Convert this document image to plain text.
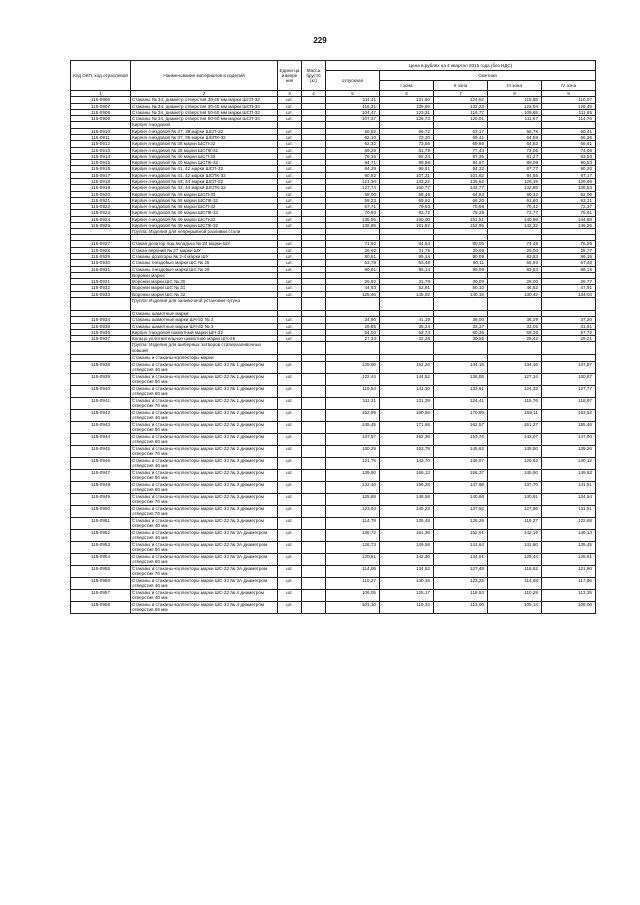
229
Код ОКП, ход отраслевой	Наименование материалов и изделий	Едини ца измере ния	Масса брутто (кг)	Цена в рублях на 4 квартал 2015 года (без НДС)				
				отпускная	Сметная			
					I зона	II зона	III зона	IV зона
1	2	3	4	5	6	7	8	9
115-0906	Стаканы № 34, диаметр отверстия 30-45 мм марки ШСП-32	шт.		111,41	131,50	124,52	115,85	110,07
115-0907	Стаканы № 34, диаметр отверстия 30-45 мм марки ШСП-34	шт.		118,31	139,65	132,23	123,04	126,45
115-0908	Стаканы № 34, диаметр отверстия 50-60 мм марки ШСП-32	шт.		104,47	123,31	116,77	108,65	111,65
115-0909	Стаканы № 34, диаметр отверстия 50-60 мм марки ШСП-34	шт.		107,37	126,73	120,01	111,67	114,76
	Кирпич гнездовой							
115-0910	Кирпич гнездовой № 37, 39 марки ШСП-32	шт.		56,52	66,72	63,17	58,78	60,41
115-0911	Кирпич гнездовой № 37, 39 марки ШСПК-32	шт.		62,10	73,30	69,41	64,59	66,36
115-0912	Кирпич гнездовой № 38 марки ШСП-32	шт.		62,32	73,56	69,66	64,82	66,61
115-0913	Кирпич гнездовой № 38 марки ШСПК-32	шт.		69,29	81,79	77,44	72,06	74,06
115-0914	Кирпич гнездовой № 40 марки ШСП-32	шт.		78,15	92,24	87,35	81,27	83,53
115-0915	Кирпич гнездовой № 40 марки ШСПК-32	шт.		84,71	99,98	94,67	88,09	90,53
115-0916	Кирпич гнездовой № 41, 42 марки ШСП-32	шт.		84,39	99,61	94,32	87,77	90,20
115-0917	Кирпич гнездовой № 41, 42 марки ШСПК-32	шт.		90,92	107,31	101,62	94,55	97,17
115-0918	Кирпич гнездовой № 43, 44 марки ШСП-32	шт.		121,34	143,22	135,62	126,19	129,69
115-0919	Кирпич гнездовой № 43, 44 марки ШСПК-32	шт.		127,74	150,77	142,77	132,85	136,53
115-0920	Кирпич гнездовой № 45 марки ШСП-32	шт.		58,00	68,46	64,83	60,32	62,00
115-0921	Кирпич гнездовой № 45 марки ШСПК-32	шт.		59,23	69,92	66,20	61,60	63,31
115-0922	Кирпич гнездовой № 46 марки ШСП-32	шт.		67,71	79,93	75,68	70,42	72,37
115-0923	Кирпич гнездовой № 46 марки ШСПК-32	шт.		70,93	83,72	79,28	73,77	75,81
115-0924	Кирпич гнездовой № 49 марки ШСП-32	шт.		135,55	160,00	151,51	140,98	144,88
115-0925	Кирпич гнездовой № 49 марки ШСПК-32	шт.		136,85	161,52	152,95	142,32	146,26
	Группа: Изделия для непрерывной разливки стали							

115-0927	Стакан дозатор под вкладыш № 24 марки ШУ	шт.		71,62	84,54	80,05	74,48	76,55
115-0928	Стакан верхний № 27 марки ШУ	шт.		26,92	31,78	30,09	28,00	28,77
115-0929	Стаканы дозаторы № 2-4 марки ШУ	шт.		80,61	95,14	90,09	83,83	86,15
115-0930	Стаканы гнездовые марки ШС № 25	шт.		53,78	63,48	60,11	55,93	57,48
115-0931	Стаканы гнездовые марки ШС № 29	шт.		80,61	95,14	90,09	83,83	86,15
	Воронки марки:							
115-0931	Воронки марки ШС № 30	шт.		26,92	31,78	30,09	28,00	28,77
115-0932	Воронки марки ШС № 31	шт.		44,83	52,91	50,10	46,62	47,91
115-0933	Воронки марки ШС № 32	шт.		125,46	145,02	140,19	130,42	134,03
	Группа: Изделия для заливочной установки чугуна							
	Стаканы шамотные марки:							
115-0934	Стаканы шамотные марки ШЧ-32 № 2	шт.		34,90	41,19	39,00	36,29	37,30
115-0935	Стаканы шамотные марки ШЧ-32 № 3	шт.		29,85	35,24	33,37	31,05	31,91
115-0936	Кирпич гнездовой шамотный марки ШЧ-32	шт.		54,00	63,74	60,36	56,16	57,72
115-0937	Кольцо уплотнительное шамотное марки ШЧ-28	шт.		27,33	32,26	30,55	28,42	29,21
	Группа: Изделия для шиберных затворов сталеразливочных ковшей							
	Стаканы и стаканы-коллекторы марки							
115-0938	Стаканы и стаканы-коллекторы марки ШС-32 № 1 диаметром отверстия 40 мм	шт.		129,00	152,26	144,18	134,16	137,87
115-0939	Стаканы и стаканы-коллекторы марки ШС-32 № 1 диаметром отверстия 50 мм	шт.		122,44	144,52	136,85	127,34	130,87
115-0940	Стаканы и стаканы-коллекторы марки ШС-32 № 1 диаметром отверстия 60 мм	шт.		119,54	141,10	133,61	124,32	127,77
115-0941	Стаканы и стаканы-коллекторы марки ШС-32 № 1 диаметром отверстия 70 мм	шт.		111,31	131,39	124,41	115,76	118,97
115-0942	Стаканы и стаканы-коллекторы марки ШС-32 № 2 диаметром отверстия 40 мм	шт.		152,99	180,58	170,99	159,11	163,52
115-0943	Стаканы и стаканы-коллекторы марки ШС-32 № 2 диаметром отверстия 50 мм	шт.		145,45	171,68	162,57	151,27	155,46
115-0944	Стаканы и стаканы-коллекторы марки ШС-32 № 2 диаметром отверстия 60 мм	шт.		137,57	162,38	153,76	143,07	147,04
115-0945	Стаканы и стаканы-коллекторы марки ШС-32 № 2 диаметром отверстия 70 мм	шт.		130,29	153,79	145,62	135,50	139,26
115-0946	Стаканы и стаканы-коллекторы марки ШС-32 № 3 диаметром отверстия 40 мм	шт.		121,75	143,70	136,07	126,62	130,12
115-0947	Стаканы и стаканы-коллекторы марки ШС-32 № 3 диаметром отверстия 50 мм	шт.		139,90	165,13	156,37	145,50	149,53
115-0948	Стаканы и стаканы-коллекторы марки ШС-32 № 3 диаметром отверстия 60 мм	шт.		132,40	156,28	147,98	137,70	141,51
115-0949	Стаканы и стаканы-коллекторы марки ШС-32 № 3 диаметром отверстия 70 мм	шт.		125,88	148,58	140,69	130,91	134,54
115-0950	Стаканы и стаканы-коллекторы марки ШС-32 № 3 диаметром отверстия 70 мм	шт.		123,04	145,23	137,52	127,96	131,51
115-0951	Стаканы и стаканы-коллекторы марки ШС-32 № 3 диаметром отверстия 40 мм	шт.		114,78	135,48	128,29	119,37	122,68
115-0952	Стаканы и стаканы-коллекторы марки ШС-32 № 3А диаметром отверстия 40 мм	шт.		136,72	161,38	152,81	142,19	146,13
115-0953	Стаканы и стаканы-коллекторы марки ШС-32 № 3А диаметром отверстия 50 мм	шт.		126,73	149,58	141,64	131,80	135,45
115-0954	Стаканы и стаканы-коллекторы марки ШС-32 № 3А диаметром отверстия 60 мм	шт.		120,61	142,36	134,81	125,44	128,91
115-0955	Стаканы и стаканы-коллекторы марки ШС-32 № 3А диаметром отверстия 70 мм	шт.		114,06	134,62	127,48	118,62	121,90
115-0956	Стаканы и стаканы-коллекторы марки ШС-32 № 3А диаметром отверстия 40 мм	шт.		110,27	130,15	123,25	114,68	117,86
115-0957	Стаканы и стаканы-коллекторы марки ШС-32 № 4 диаметром отверстия 40 мм	шт.		106,05	125,17	118,53	110,29	113,35
115-0958	Стаканы и стаканы-коллекторы марки ШС-32 № 4 диаметром отверстия 50 мм	шт.		101,10	119,33	113,00	105,14	108,06
